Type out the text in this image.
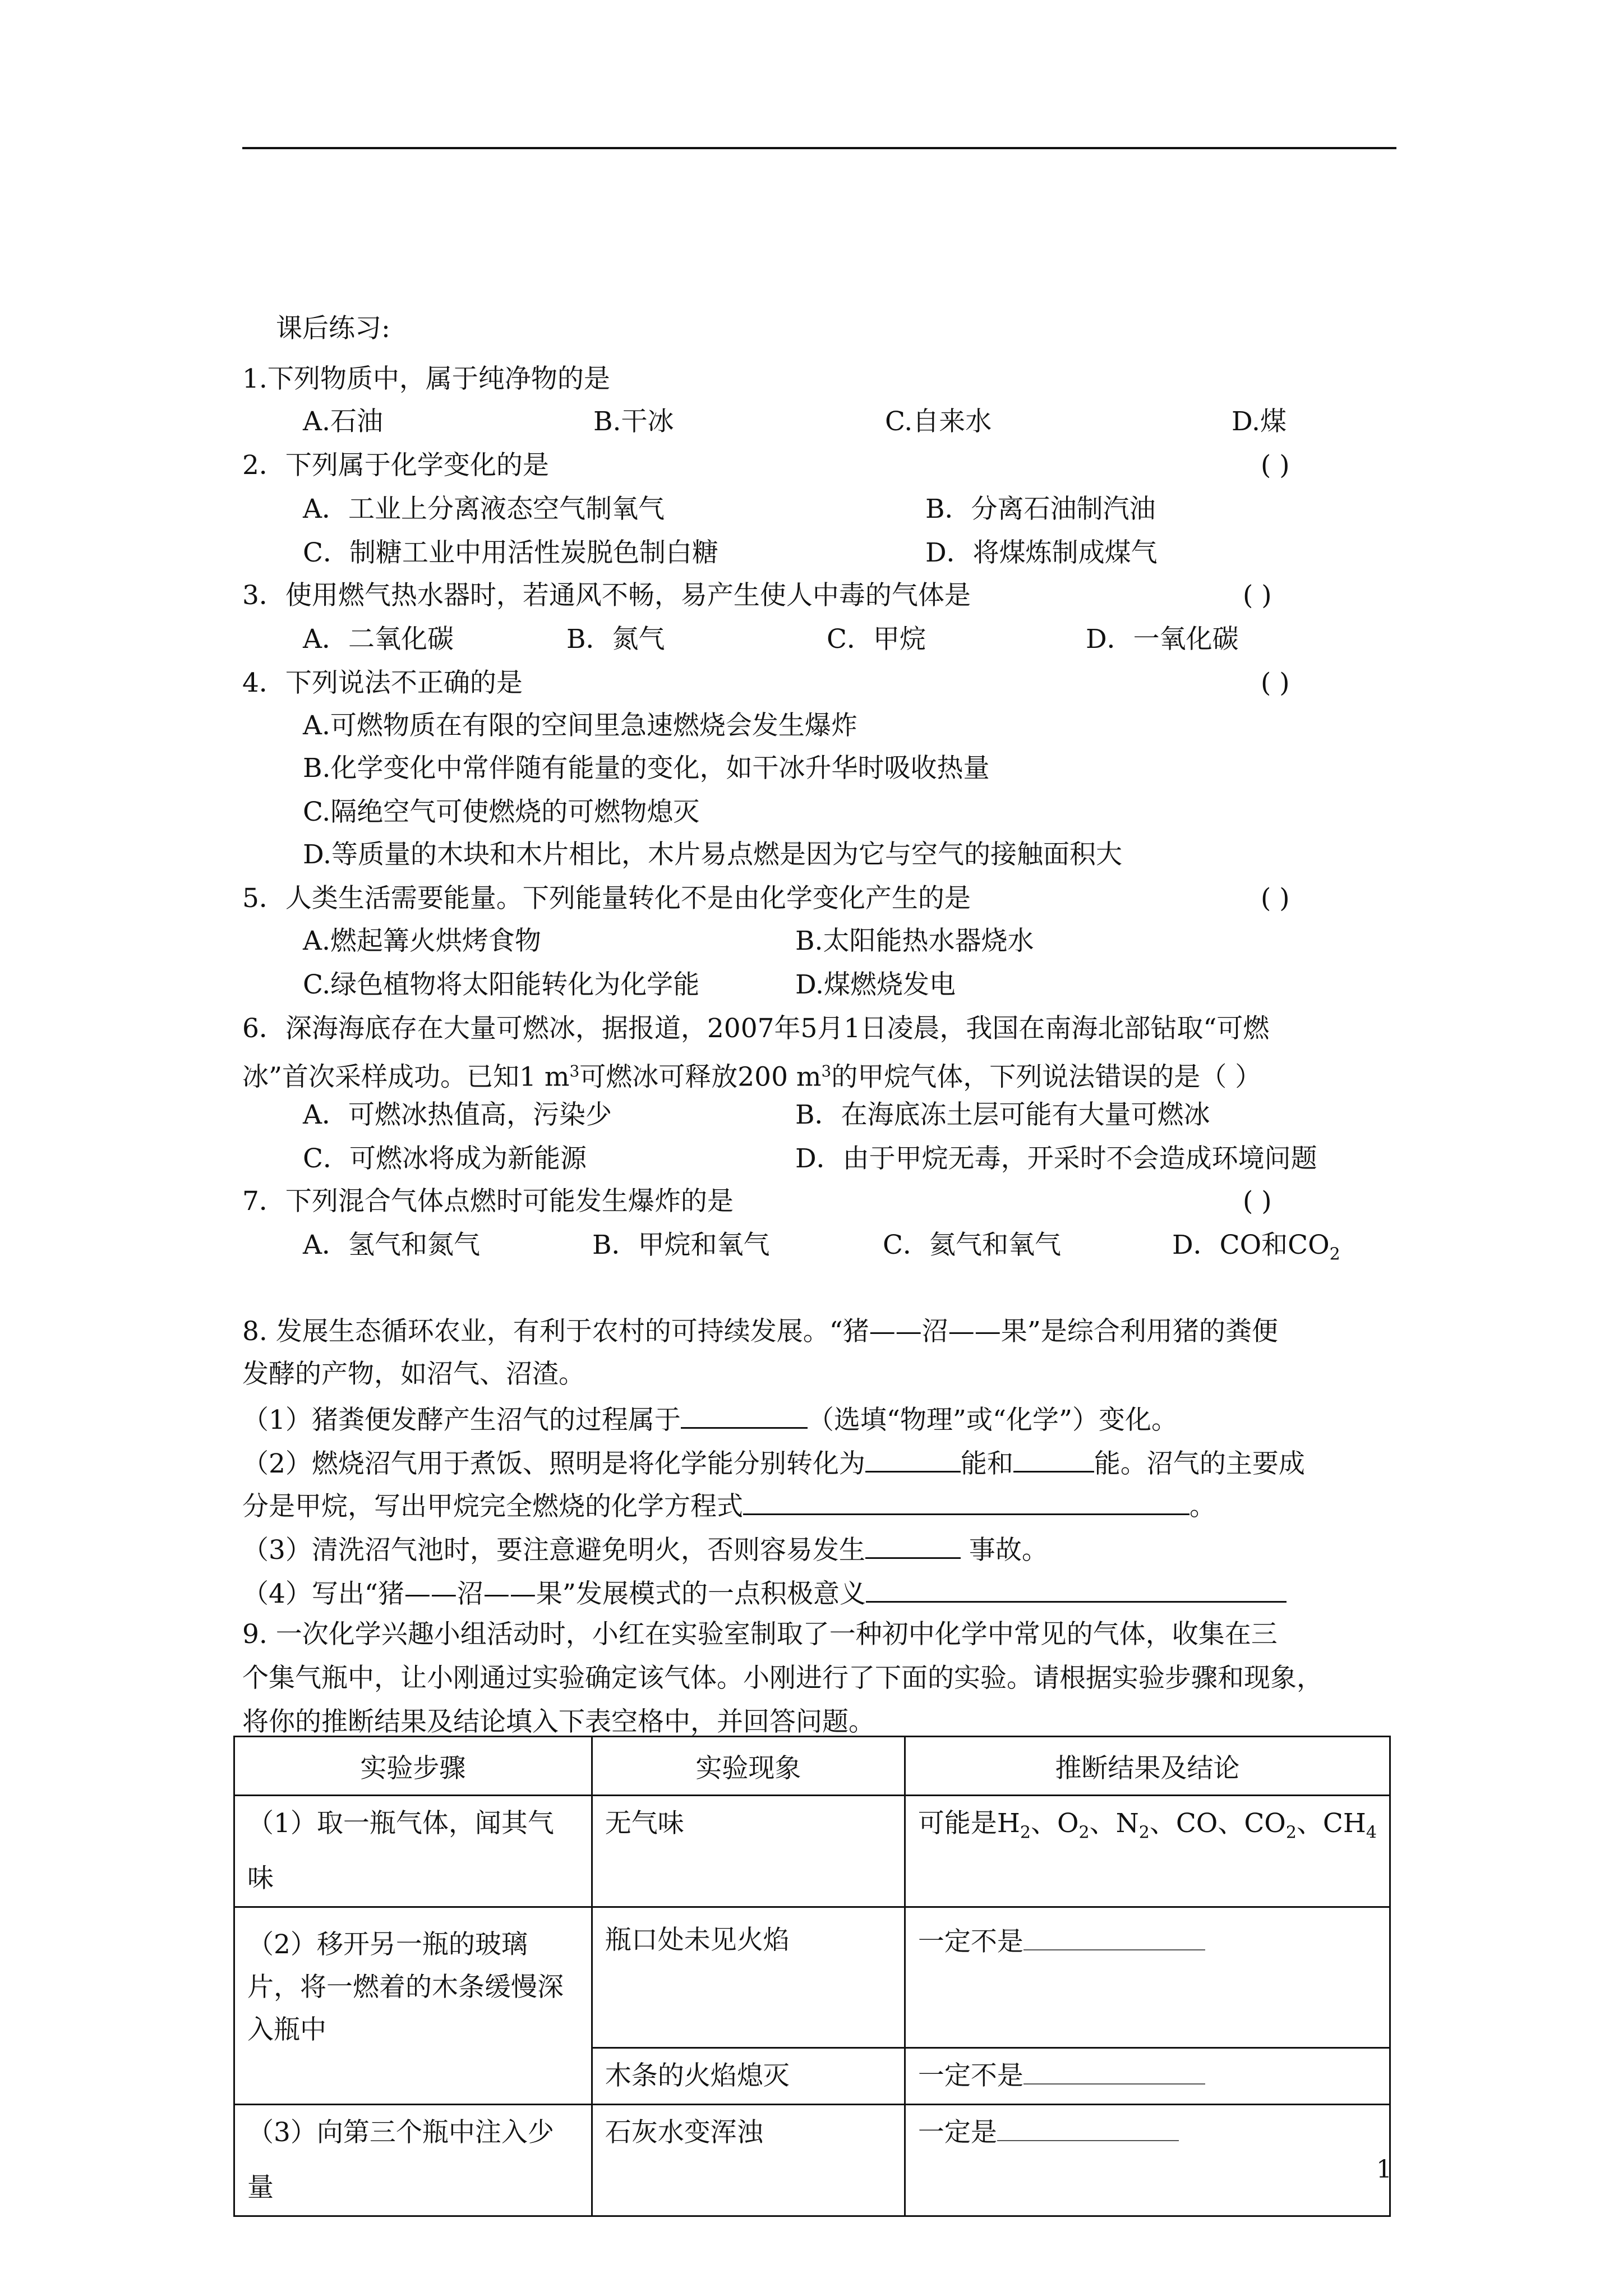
课后练习:
1.下列物质中，属于纯净物的是
A.石油	B.干冰	C.自来水	D.煤
2．下列属于化学变化的是	( )
A．工业上分离液态空气制氧气	B．分离石油制汽油
C．制糖工业中用活性炭脱色制白糖	D．将煤炼制成煤气
3．使用燃气热水器时，若通风不畅，易产生使人中毒的气体是	( )
A．二氧化碳	B．氮气	C．甲烷	D．一氧化碳
4．下列说法不正确的是	( )
A.可燃物质在有限的空间里急速燃烧会发生爆炸
B.化学变化中常伴随有能量的变化，如干冰升华时吸收热量
C.隔绝空气可使燃烧的可燃物熄灭
D.等质量的木块和木片相比，木片易点燃是因为它与空气的接触面积大
5．人类生活需要能量。下列能量转化不是由化学变化产生的是	( )
A.燃起篝火烘烤食物	B.太阳能热水器烧水
C.绿色植物将太阳能转化为化学能	D.煤燃烧发电
6．深海海底存在大量可燃冰，据报道，2007年5月1日凌晨，我国在南海北部钻取“可燃
冰”首次采样成功。已知1 $m^3$可燃冰可释放200 $m^3$的甲烷气体，下列说法错误的是（ ）
A．可燃冰热值高，污染少	B．在海底冻土层可能有大量可燃冰
C．可燃冰将成为新能源	D．由于甲烷无毒，开采时不会造成环境问题
7．下列混合气体点燃时可能发生爆炸的是	( )
A．氢气和氮气	B．甲烷和氧气	C．氦气和氧气	D．CO和$CO_2$
8. 发展生态循环农业，有利于农村的可持续发展。“猪——沼——果”是综合利用猪的粪便
发酵的产物，如沼气、沼渣。
（1）猪粪便发酵产生沼气的过程属于	（选填“物理”或“化学”）变化。
（2）燃烧沼气用于煮饭、照明是将化学能分别转化为	能和	能。沼气的主要成
分是甲烷，写出甲烷完全燃烧的化学方程式	。
（3）清洗沼气池时，要注意避免明火，否则容易发生	事故。
（4）写出“猪——沼——果”发展模式的一点积极意义
9. 一次化学兴趣小组活动时，小红在实验室制取了一种初中化学中常见的气体，收集在三
个集气瓶中，让小刚通过实验确定该气体。小刚进行了下面的实验。请根据实验步骤和现象，
将你的推断结果及结论填入下表空格中，并回答问题。
实验步骤	实验现象	推断结果及结论
（1）取一瓶气体，闻其气味	无气味	可能是$H_2$、$O_2$、$N_2$、CO、$CO_2$、$CH_4$
（2）移开另一瓶的玻璃片，将一燃着的木条缓慢深入瓶中	瓶口处未见火焰	一定不是
	木条的火焰熄灭	一定不是
（3）向第三个瓶中注入少量	石灰水变浑浊	一定是
1
